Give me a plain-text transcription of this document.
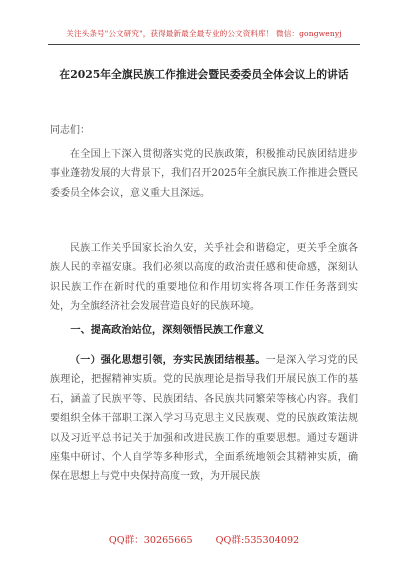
关注头条号"公文研究"，获得最新最全最专业的公文资料库！ 微信：gongwenyj
在2025年全旗民族工作推进会暨民委委员全体会议上的讲话
同志们：
在全国上下深入贯彻落实党的民族政策，积极推动民族团结进步事业蓬勃发展的大背景下，我们召开2025年全旗民族工作推进会暨民委委员全体会议，意义重大且深远。
民族工作关乎国家长治久安，关乎社会和谐稳定，更关乎全旗各族人民的幸福安康。我们必须以高度的政治责任感和使命感，深刻认识民族工作在新时代的重要地位和作用切实将各项工作任务落到实处，为全旗经济社会发展营造良好的民族环境。
一、提高政治站位，深刻领悟民族工作意义
（一）强化思想引领，夯实民族团结根基。一是深入学习党的民族理论，把握精神实质。党的民族理论是指导我们开展民族工作的基石，涵盖了民族平等、民族团结、各民族共同繁荣等核心内容。我们要组织全体干部职工深入学习马克思主义民族观、党的民族政策法规以及习近平总书记关于加强和改进民族工作的重要思想。通过专题讲座集中研讨、个人自学等多种形式，全面系统地领会其精神实质，确保在思想上与党中央保持高度一致，为开展民族
QQ群：30265665 QQ群:535304092
